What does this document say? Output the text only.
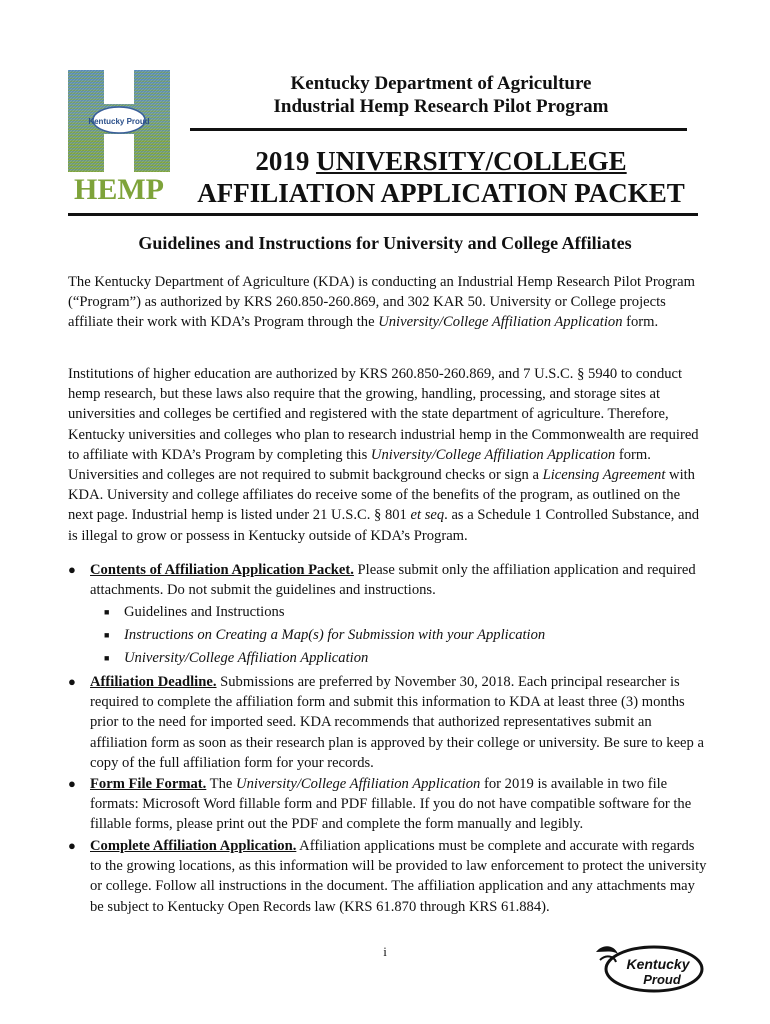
Kentucky Proud
HEMP
Kentucky Department of Agriculture
Industrial Hemp Research Pilot Program
2019 UNIVERSITY/COLLEGE
AFFILIATION APPLICATION PACKET
Guidelines and Instructions for University and College Affiliates
The Kentucky Department of Agriculture (KDA) is conducting an Industrial Hemp Research Pilot Program (“Program”) as authorized by KRS 260.850-260.869, and 302 KAR 50. University or College projects affiliate their work with KDA’s Program through the University/College Affiliation Application form.
Institutions of higher education are authorized by KRS 260.850-260.869, and 7 U.S.C. § 5940 to conduct hemp research, but these laws also require that the growing, handling, processing, and storage sites at universities and colleges be certified and registered with the state department of agriculture. Therefore, Kentucky universities and colleges who plan to research industrial hemp in the Commonwealth are required to affiliate with KDA’s Program by completing this University/College Affiliation Application form. Universities and colleges are not required to submit background checks or sign a Licensing Agreement with KDA. University and college affiliates do receive some of the benefits of the program, as outlined on the next page. Industrial hemp is listed under 21 U.S.C. § 801 et seq. as a Schedule 1 Controlled Substance, and is illegal to grow or possess in Kentucky outside of KDA’s Program.
● Contents of Affiliation Application Packet. Please submit only the affiliation application and required attachments. Do not submit the guidelines and instructions.
■ Guidelines and Instructions
■ Instructions on Creating a Map(s) for Submission with your Application
■ University/College Affiliation Application
● Affiliation Deadline. Submissions are preferred by November 30, 2018. Each principal researcher is required to complete the affiliation form and submit this information to KDA at least three (3) months prior to the need for imported seed. KDA recommends that authorized representatives submit an affiliation form as soon as their research plan is approved by their college or university. Be sure to keep a copy of the full affiliation form for your records.
● Form File Format. The University/College Affiliation Application for 2019 is available in two file formats: Microsoft Word fillable form and PDF fillable. If you do not have compatible software for the fillable forms, please print out the PDF and complete the form manually and legibly.
● Complete Affiliation Application. Affiliation applications must be complete and accurate with regards to the growing locations, as this information will be provided to law enforcement to protect the university or college. Follow all instructions in the document. The affiliation application and any attachments may be subject to Kentucky Open Records law (KRS 61.870 through KRS 61.884).
i
Kentucky
Proud
